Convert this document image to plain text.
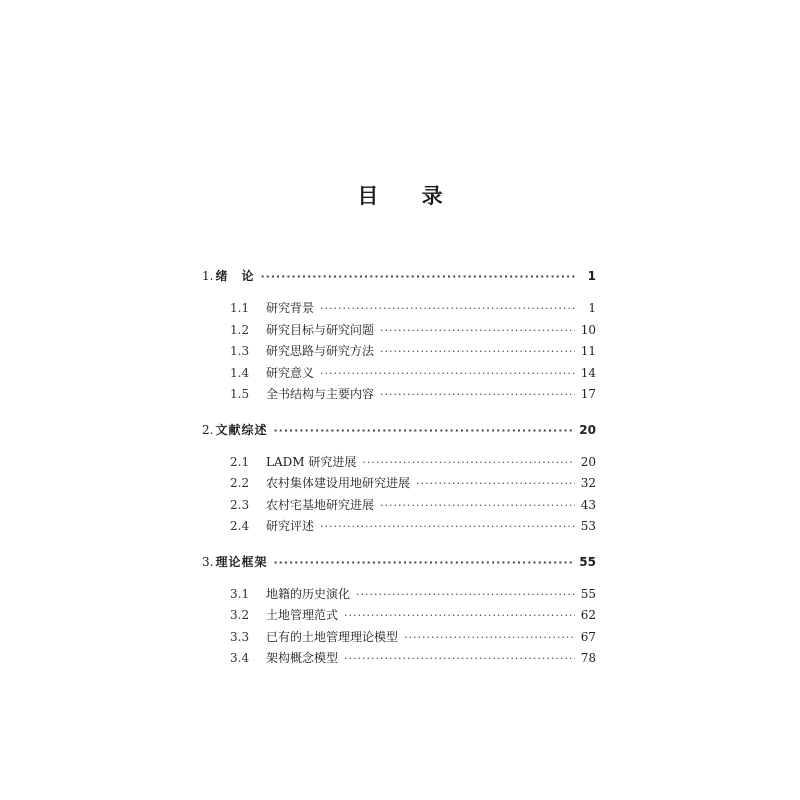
目 录
1. 绪　论 ·····	1
1.1	研究背景 ·····	1
1.2	研究目标与研究问题 ·····	10
1.3	研究思路与研究方法 ·····	11
1.4	研究意义 ·····	14
1.5	全书结构与主要内容 ·····	17
2. 文献综述 ·····	20
2.1	LADM 研究进展 ·····	20
2.2	农村集体建设用地研究进展 ·····	32
2.3	农村宅基地研究进展 ·····	43
2.4	研究评述 ·····	53
3. 理论框架 ·····	55
3.1	地籍的历史演化 ·····	55
3.2	土地管理范式 ·····	62
3.3	已有的土地管理理论模型 ·····	67
3.4	架构概念模型 ·····	78
